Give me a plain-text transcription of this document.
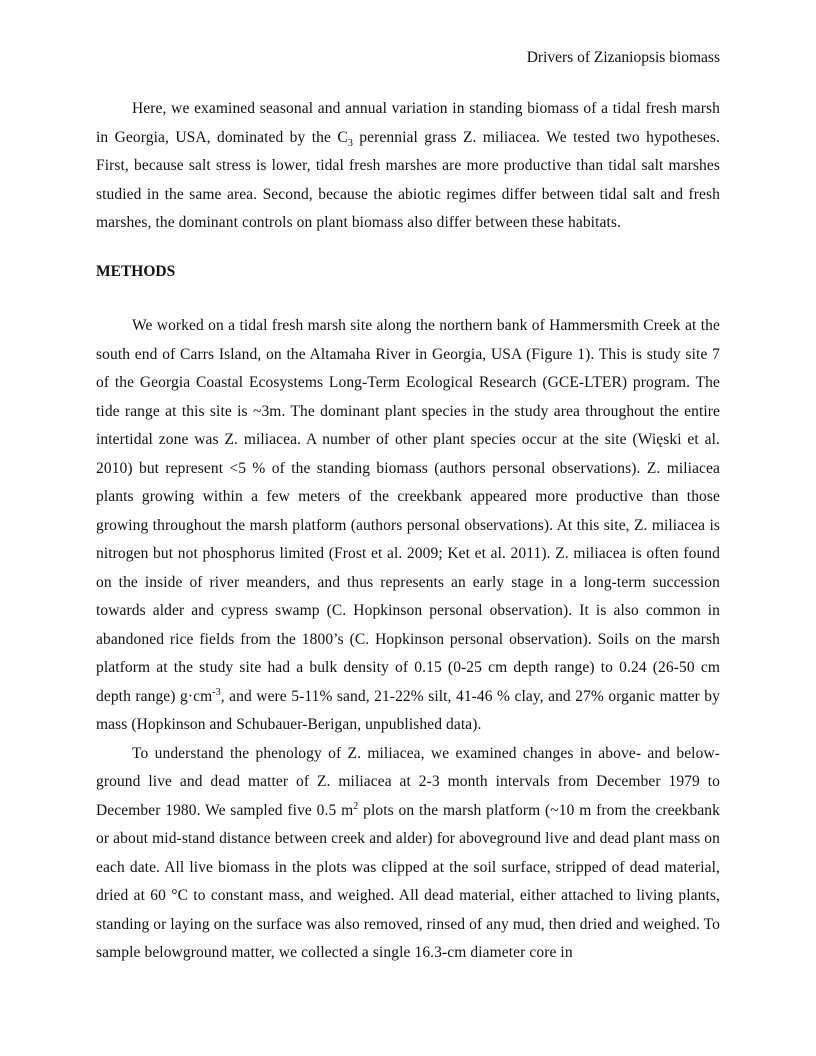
Drivers of Zizaniopsis biomass

Here, we examined seasonal and annual variation in standing biomass of a tidal fresh marsh in Georgia, USA, dominated by the $C_3$ perennial grass Z. miliacea. We tested two hypotheses. First, because salt stress is lower, tidal fresh marshes are more productive than tidal salt marshes studied in the same area. Second, because the abiotic regimes differ between tidal salt and fresh marshes, the dominant controls on plant biomass also differ between these habitats.

METHODS

We worked on a tidal fresh marsh site along the northern bank of Hammersmith Creek at the south end of Carrs Island, on the Altamaha River in Georgia, USA (Figure 1). This is study site 7 of the Georgia Coastal Ecosystems Long-Term Ecological Research (GCE-LTER) program. The tide range at this site is ~3m. The dominant plant species in the study area throughout the entire intertidal zone was Z. miliacea. A number of other plant species occur at the site (Więski et al. 2010) but represent <5 % of the standing biomass (authors personal observations). Z. miliacea plants growing within a few meters of the creekbank appeared more productive than those growing throughout the marsh platform (authors personal observations). At this site, Z. miliacea is nitrogen but not phosphorus limited (Frost et al. 2009; Ket et al. 2011). Z. miliacea is often found on the inside of river meanders, and thus represents an early stage in a long-term succession towards alder and cypress swamp (C. Hopkinson personal observation). It is also common in abandoned rice fields from the 1800’s (C. Hopkinson personal observation). Soils on the marsh platform at the study site had a bulk density of 0.15 (0-25 cm depth range) to 0.24 (26-50 cm depth range) $g\cdot cm^{-3}$, and were 5-11% sand, 21-22% silt, 41-46 % clay, and 27% organic matter by mass (Hopkinson and Schubauer-Berigan, unpublished data).

To understand the phenology of Z. miliacea, we examined changes in above- and below-ground live and dead matter of Z. miliacea at 2-3 month intervals from December 1979 to December 1980. We sampled five 0.5 $m^2$ plots on the marsh platform (~10 m from the creekbank or about mid-stand distance between creek and alder) for aboveground live and dead plant mass on each date. All live biomass in the plots was clipped at the soil surface, stripped of dead material, dried at 60 °C to constant mass, and weighed. All dead material, either attached to living plants, standing or laying on the surface was also removed, rinsed of any mud, then dried and weighed. To sample belowground matter, we collected a single 16.3-cm diameter core in
